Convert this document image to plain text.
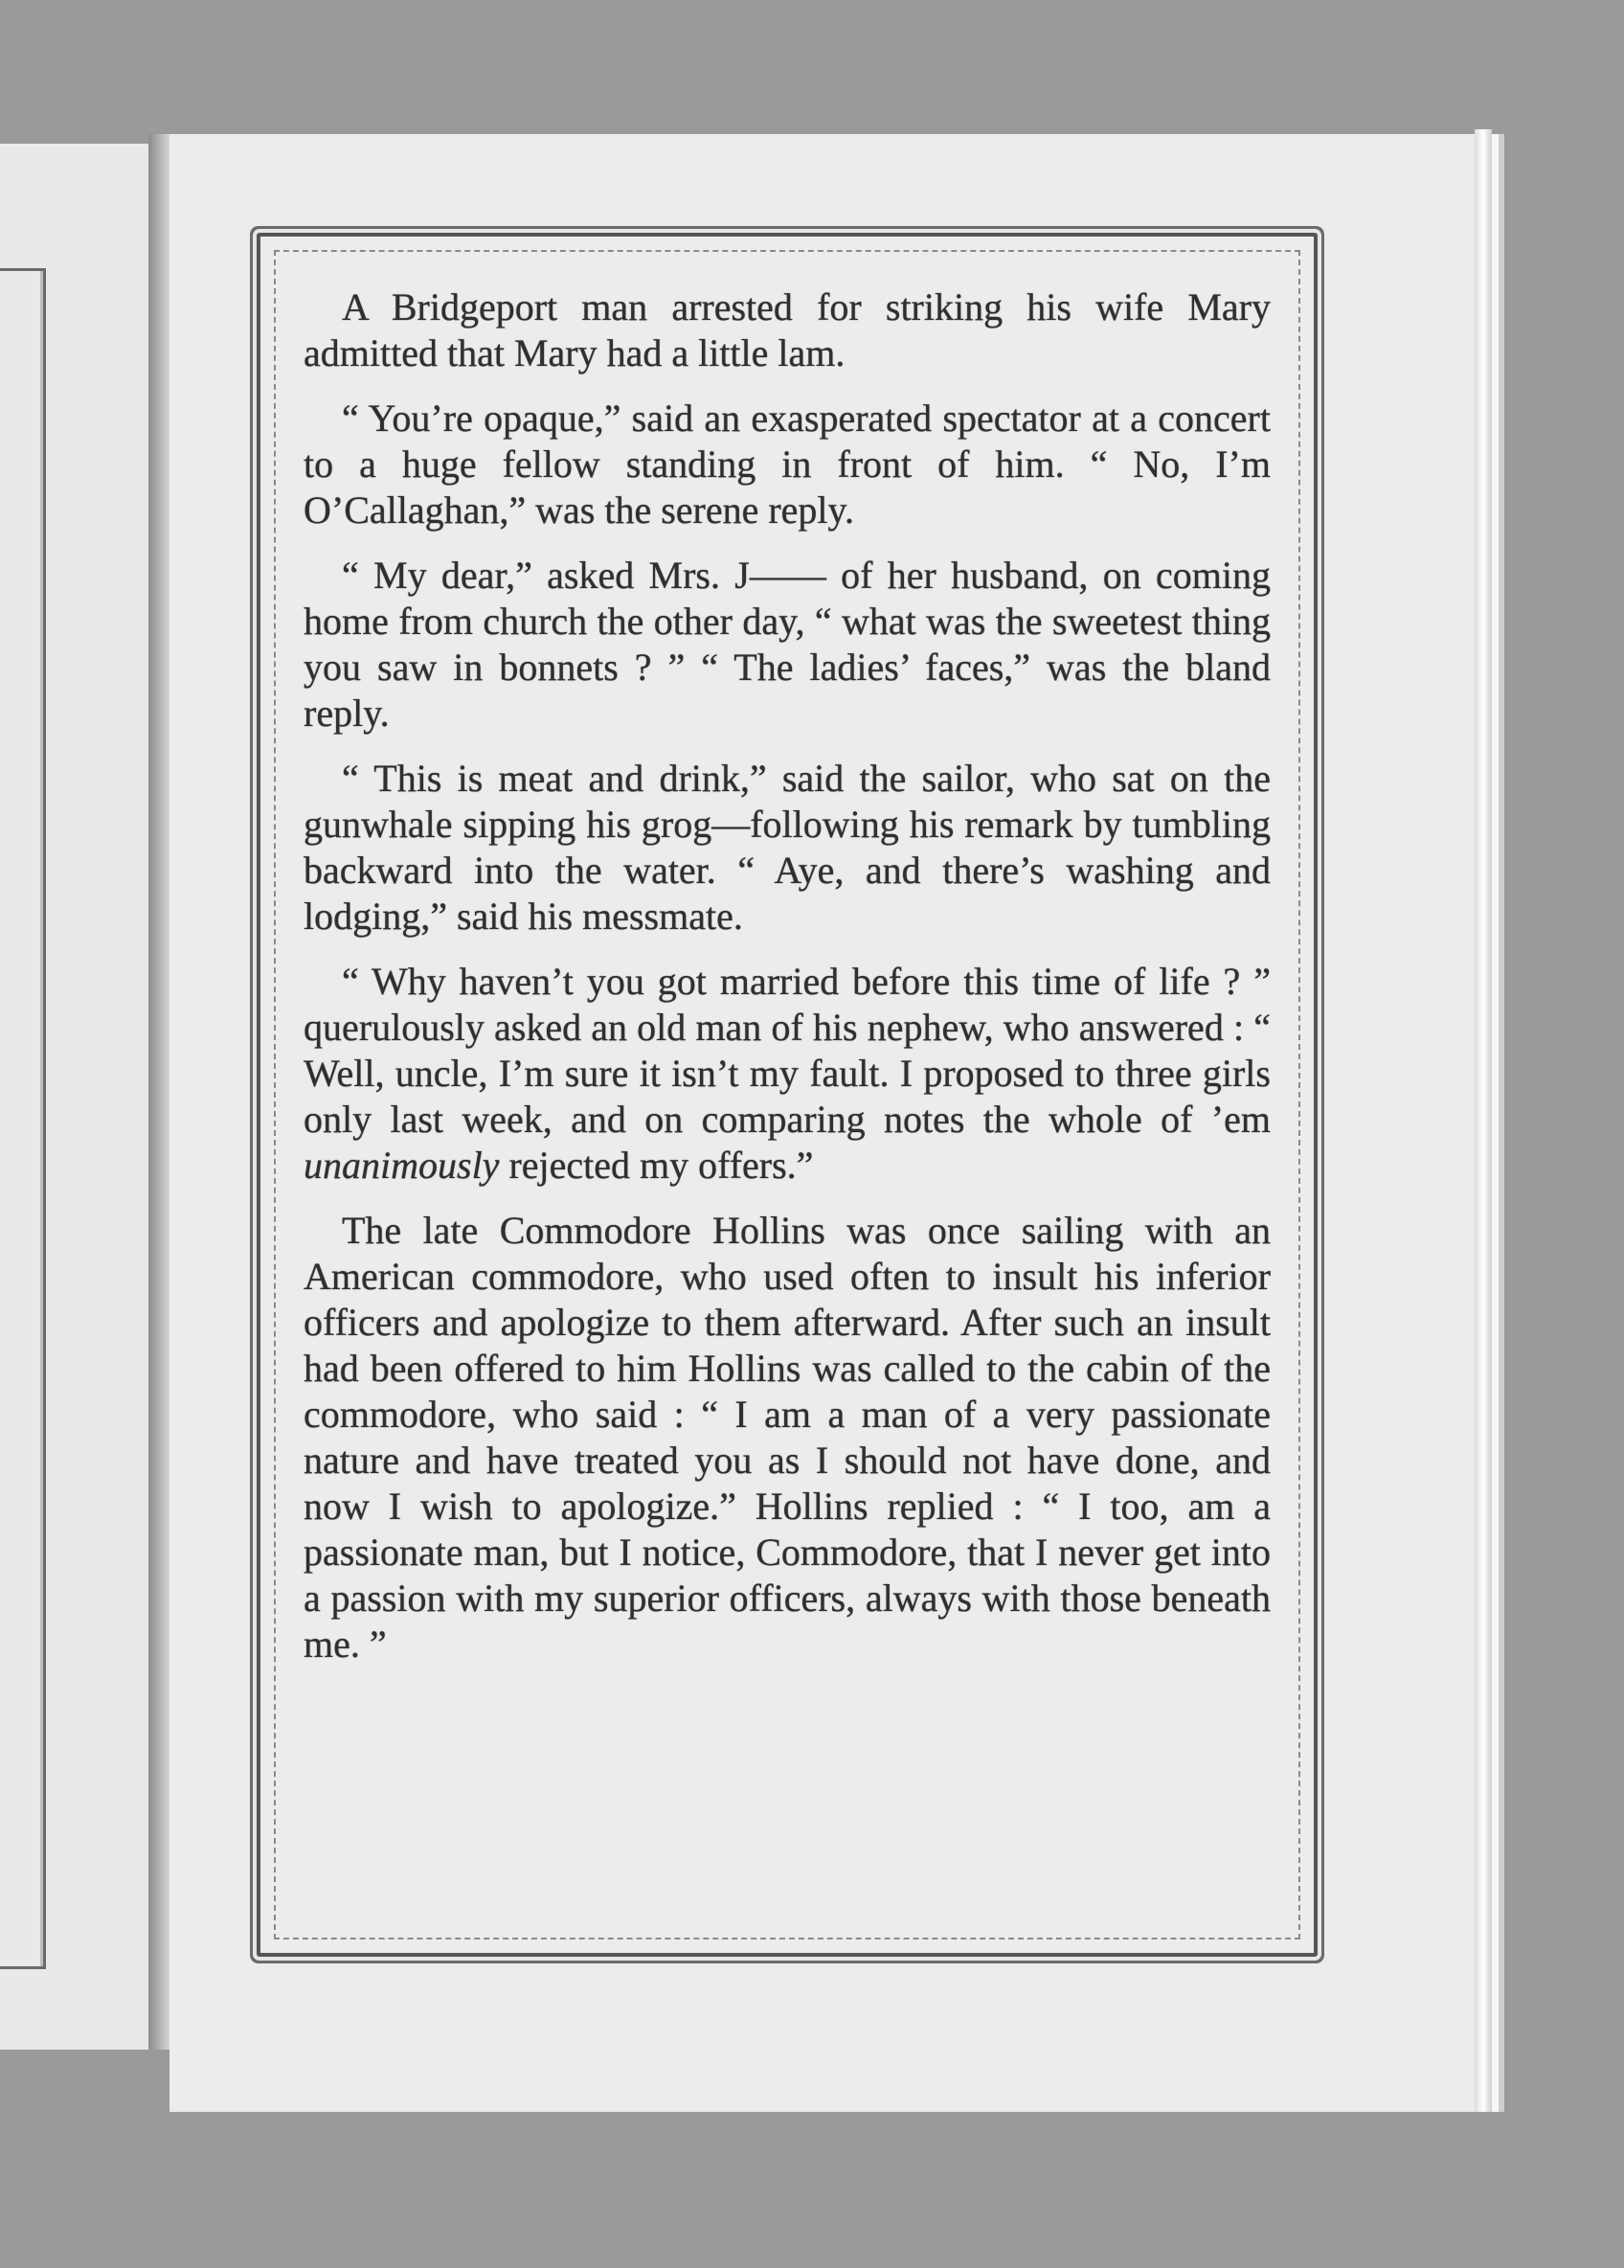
A Bridgeport man arrested for striking his wife Mary admitted that Mary had a little lam.

“ You’re opaque,” said an exasperated spectator at a concert to a huge fellow standing in front of him. “ No, I’m O’Callaghan,” was the serene reply.

“ My dear,” asked Mrs. J—— of her husband, on coming home from church the other day, “ what was the sweetest thing you saw in bonnets ? ” “ The ladies’ faces,” was the bland reply.

“ This is meat and drink,” said the sailor, who sat on the gunwhale sipping his grog—following his remark by tumbling backward into the water. “ Aye, and there’s washing and lodging,” said his messmate.

“ Why haven’t you got married before this time of life ? ” querulously asked an old man of his nephew, who answered : “ Well, uncle, I’m sure it isn’t my fault. I proposed to three girls only last week, and on comparing notes the whole of ’em unanimously rejected my offers.”

The late Commodore Hollins was once sailing with an American commodore, who used often to insult his inferior officers and apologize to them afterward. After such an insult had been offered to him Hollins was called to the cabin of the commodore, who said : “ I am a man of a very passionate nature and have treated you as I should not have done, and now I wish to apologize.” Hollins replied : “ I too, am a passionate man, but I notice, Commodore, that I never get into a passion with my superior officers, always with those beneath me. ”
